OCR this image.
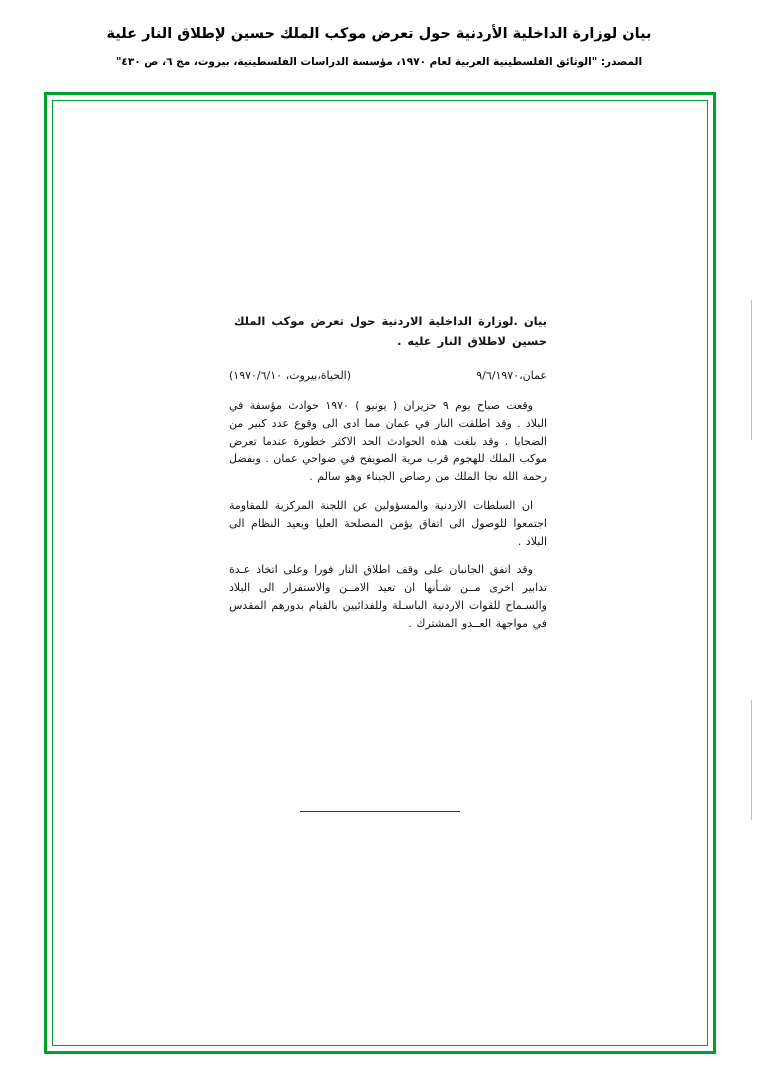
بيان لوزارة الداخلية الأردنية حول تعرض موكب الملك حسين لإطلاق النار علية
المصدر: "الوثائق الفلسطينية العربية لعام ١٩٧٠، مؤسسة الدراسات الفلسطينية، بيروت، مج ٦، ص ٤٣٠"
بيان .لوزارة الداخلية الاردنية حول تعرض موكب الملك حسين لاطلاق النار عليه .
عمان،٩/٦/١٩٧٠
(الحياة،بيروت، ١٩٧٠/٦/١٠)

وقعت صباح يوم ٩ حزيران ( يونيو ) ١٩٧٠ حوادث مؤسفة في البلاد . وقد اطلقت النار في عمان مما ادى الى وقوع عدد كبير من الضحايا . وقد بلغت هذه الحوادث الحد الاكثر خطورة عندما تعرض موكب الملك للهجوم قرب مرية الصويفح في ضواحي عمان . وبفضل رحمة الله نجا الملك من رصاص الجبناء وهو سالم .

ان السلطات الاردنية والمسؤولين عن اللجنة المركزية للمقاومة اجتمعوا للوصول الى اتفاق يؤمن المصلحة العليا ويعيد النظام الى البلاد .

وقد اتفق الجانبان على وقف اطلاق النار فورا وعلى اتخاذ عـدة تدابير اخرى مــن شـأنها ان تعيد الامــن والاستقرار الى البلاد والسـماح للقوات الاردنية الباسـلة وللفدائيين بالقيام بدورهم المقدس في مواجهة العــدو المشترك .
